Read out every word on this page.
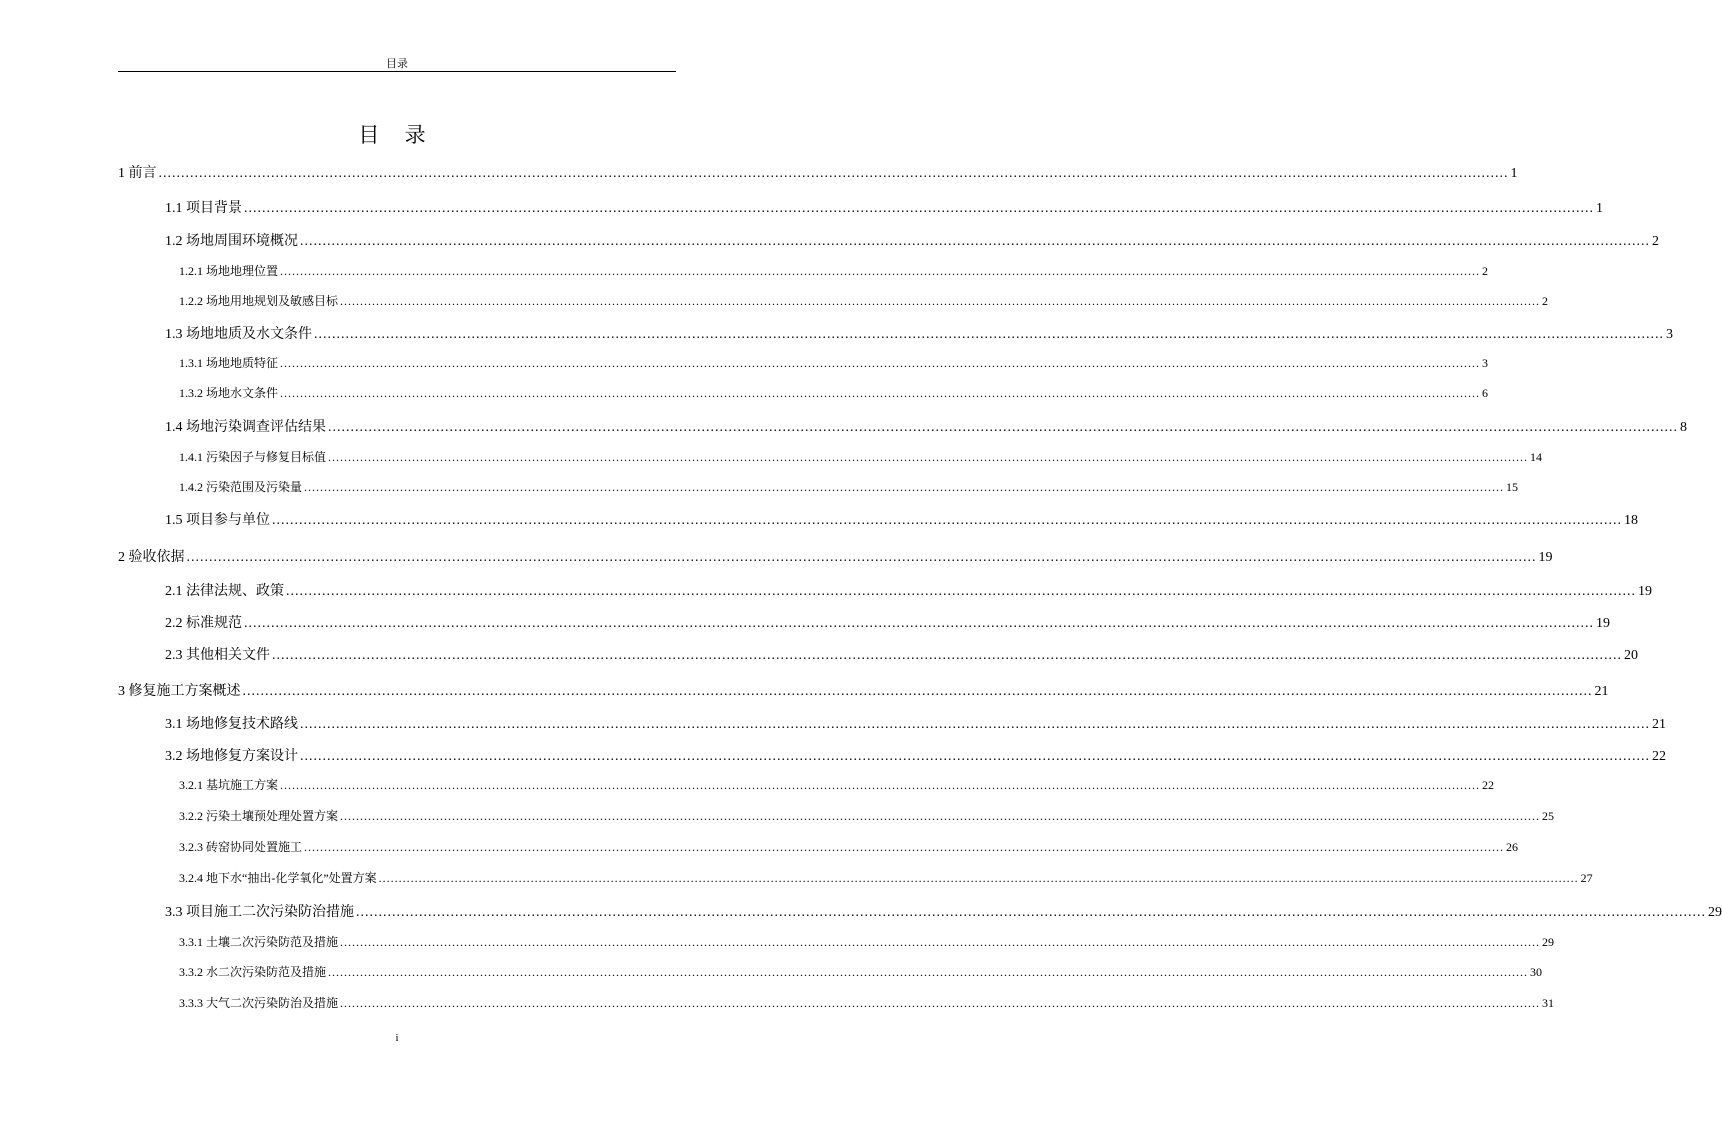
目录
目 录
1 前言 ............................................................................................................................................................................................................................................................................................................ 1
1.1 项目背景 ............................................................................................................................................................................................................................................................................................................ 1
1.2 场地周围环境概况 ............................................................................................................................................................................................................................................................................................................ 2
1.2.1 场地地理位置 ............................................................................................................................................................................................................................................................................................................ 2
1.2.2 场地用地规划及敏感目标 ............................................................................................................................................................................................................................................................................................................ 2
1.3 场地地质及水文条件 ............................................................................................................................................................................................................................................................................................................ 3
1.3.1 场地地质特征 ............................................................................................................................................................................................................................................................................................................ 3
1.3.2 场地水文条件 ............................................................................................................................................................................................................................................................................................................ 6
1.4 场地污染调查评估结果 ............................................................................................................................................................................................................................................................................................................ 8
1.4.1 污染因子与修复目标值 ............................................................................................................................................................................................................................................................................................................ 14
1.4.2 污染范围及污染量 ............................................................................................................................................................................................................................................................................................................ 15
1.5 项目参与单位 ............................................................................................................................................................................................................................................................................................................ 18
2 验收依据 ............................................................................................................................................................................................................................................................................................................ 19
2.1 法律法规、政策 ............................................................................................................................................................................................................................................................................................................ 19
2.2 标准规范 ............................................................................................................................................................................................................................................................................................................ 19
2.3 其他相关文件 ............................................................................................................................................................................................................................................................................................................ 20
3 修复施工方案概述 ............................................................................................................................................................................................................................................................................................................ 21
3.1 场地修复技术路线 ............................................................................................................................................................................................................................................................................................................ 21
3.2 场地修复方案设计 ............................................................................................................................................................................................................................................................................................................ 22
3.2.1 基坑施工方案 ............................................................................................................................................................................................................................................................................................................ 22
3.2.2 污染土壤预处理处置方案 ............................................................................................................................................................................................................................................................................................................ 25
3.2.3 砖窑协同处置施工 ............................................................................................................................................................................................................................................................................................................ 26
3.2.4 地下水“抽出-化学氧化”处置方案 ............................................................................................................................................................................................................................................................................................................ 27
3.3 项目施工二次污染防治措施 ............................................................................................................................................................................................................................................................................................................ 29
3.3.1 土壤二次污染防范及措施 ............................................................................................................................................................................................................................................................................................................ 29
3.3.2 水二次污染防范及措施 ............................................................................................................................................................................................................................................................................................................ 30
3.3.3 大气二次污染防治及措施 ............................................................................................................................................................................................................................................................................................................ 31
i
